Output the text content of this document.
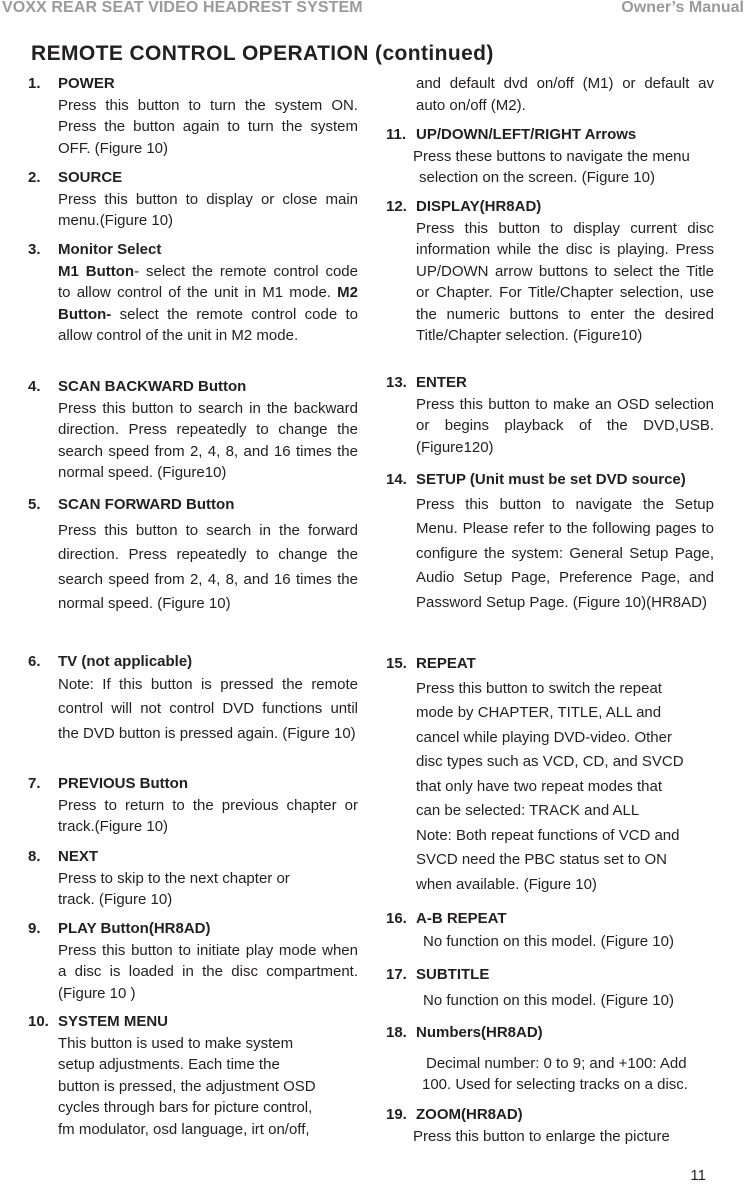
VOXX REAR SEAT VIDEO HEADREST SYSTEM	Owner’s Manual
REMOTE CONTROL OPERATION (continued)
1.	POWER
Press this button to turn the system ON. Press the button again to turn the system OFF. (Figure 10)
2.	SOURCE
Press this button to display or close main menu.(Figure 10)
3.	Monitor Select
M1 Button- select the remote control code to allow control of the unit in M1 mode. M2 Button- select the remote control code to allow control of the unit in M2 mode.
4.	SCAN BACKWARD Button
Press this button to search in the backward direction. Press repeatedly to change the search speed from 2, 4, 8, and 16 times the normal speed. (Figure10)
5.	SCAN FORWARD Button
Press this button to search in the forward direction. Press repeatedly to change the search speed from 2, 4, 8, and 16 times the normal speed. (Figure 10)
6.	TV (not applicable)
Note: If this button is pressed the remote control will not control DVD functions until the DVD button is pressed again. (Figure 10)
7.	PREVIOUS Button
Press to return to the previous chapter or track.(Figure 10)
8.	NEXT
Press to skip to the next chapter or
track. (Figure 10)
9.	PLAY Button(HR8AD)
Press this button to initiate play mode when a disc is loaded in the disc compartment. (Figure 10 )
10. SYSTEM MENU
This button is used to make system
setup adjustments. Each time the
button is pressed, the adjustment OSD
cycles through bars for picture control,
fm modulator, osd language, irt on/off,
and default dvd on/off (M1) or default av auto on/off (M2).
11. UP/DOWN/LEFT/RIGHT Arrows
Press these buttons to navigate the menu
selection on the screen. (Figure 10)
12. DISPLAY(HR8AD)
Press this button to display current disc information while the disc is playing. Press UP/DOWN arrow buttons to select the Title or Chapter. For Title/Chapter selection, use the numeric buttons to enter the desired Title/Chapter selection. (Figure10)
13. ENTER
Press this button to make an OSD selection or begins playback of the DVD,USB. (Figure120)
14. SETUP (Unit must be set DVD source)
Press this button to navigate the Setup Menu. Please refer to the following pages to configure the system: General Setup Page, Audio Setup Page, Preference Page, and Password Setup Page. (Figure 10)(HR8AD)
15. REPEAT
Press this button to switch the repeat
mode by CHAPTER, TITLE, ALL and
cancel while playing DVD-video. Other
disc types such as VCD, CD, and SVCD
that only have two repeat modes that
can be selected: TRACK and ALL
Note: Both repeat functions of VCD and
SVCD need the PBC status set to ON
when available. (Figure 10)
16. A-B REPEAT
No function on this model. (Figure 10)
17. SUBTITLE
No function on this model. (Figure 10)
18. Numbers(HR8AD)
Decimal number: 0 to 9; and +100: Add
100. Used for selecting tracks on a disc.
19. ZOOM(HR8AD)
Press this button to enlarge the picture
11
